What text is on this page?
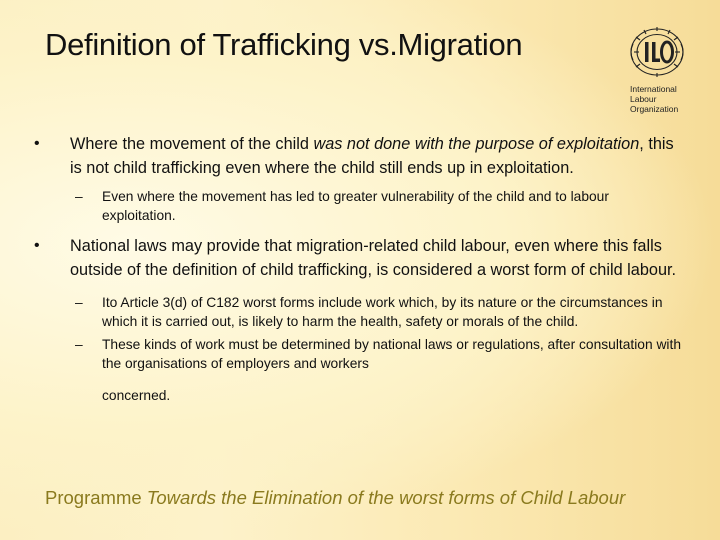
Definition of Trafficking vs.Migration
International
Labour
Organization
• Where the movement of the child was not done with the purpose of exploitation, this is not child trafficking even where the child still ends up in exploitation.
– Even where the movement has led to greater vulnerability of the child and to labour exploitation.
• National laws may provide that migration-related child labour, even where this falls outside of the definition of child trafficking, is considered a worst form of child labour.
– Ito Article 3(d) of C182 worst forms include work which, by its nature or the circumstances in which it is carried out, is likely to harm the health, safety or morals of the child.
– These kinds of work must be determined by national laws or regulations, after consultation with the organisations of employers and workers
concerned.
Programme Towards the Elimination of the worst forms of Child Labour
